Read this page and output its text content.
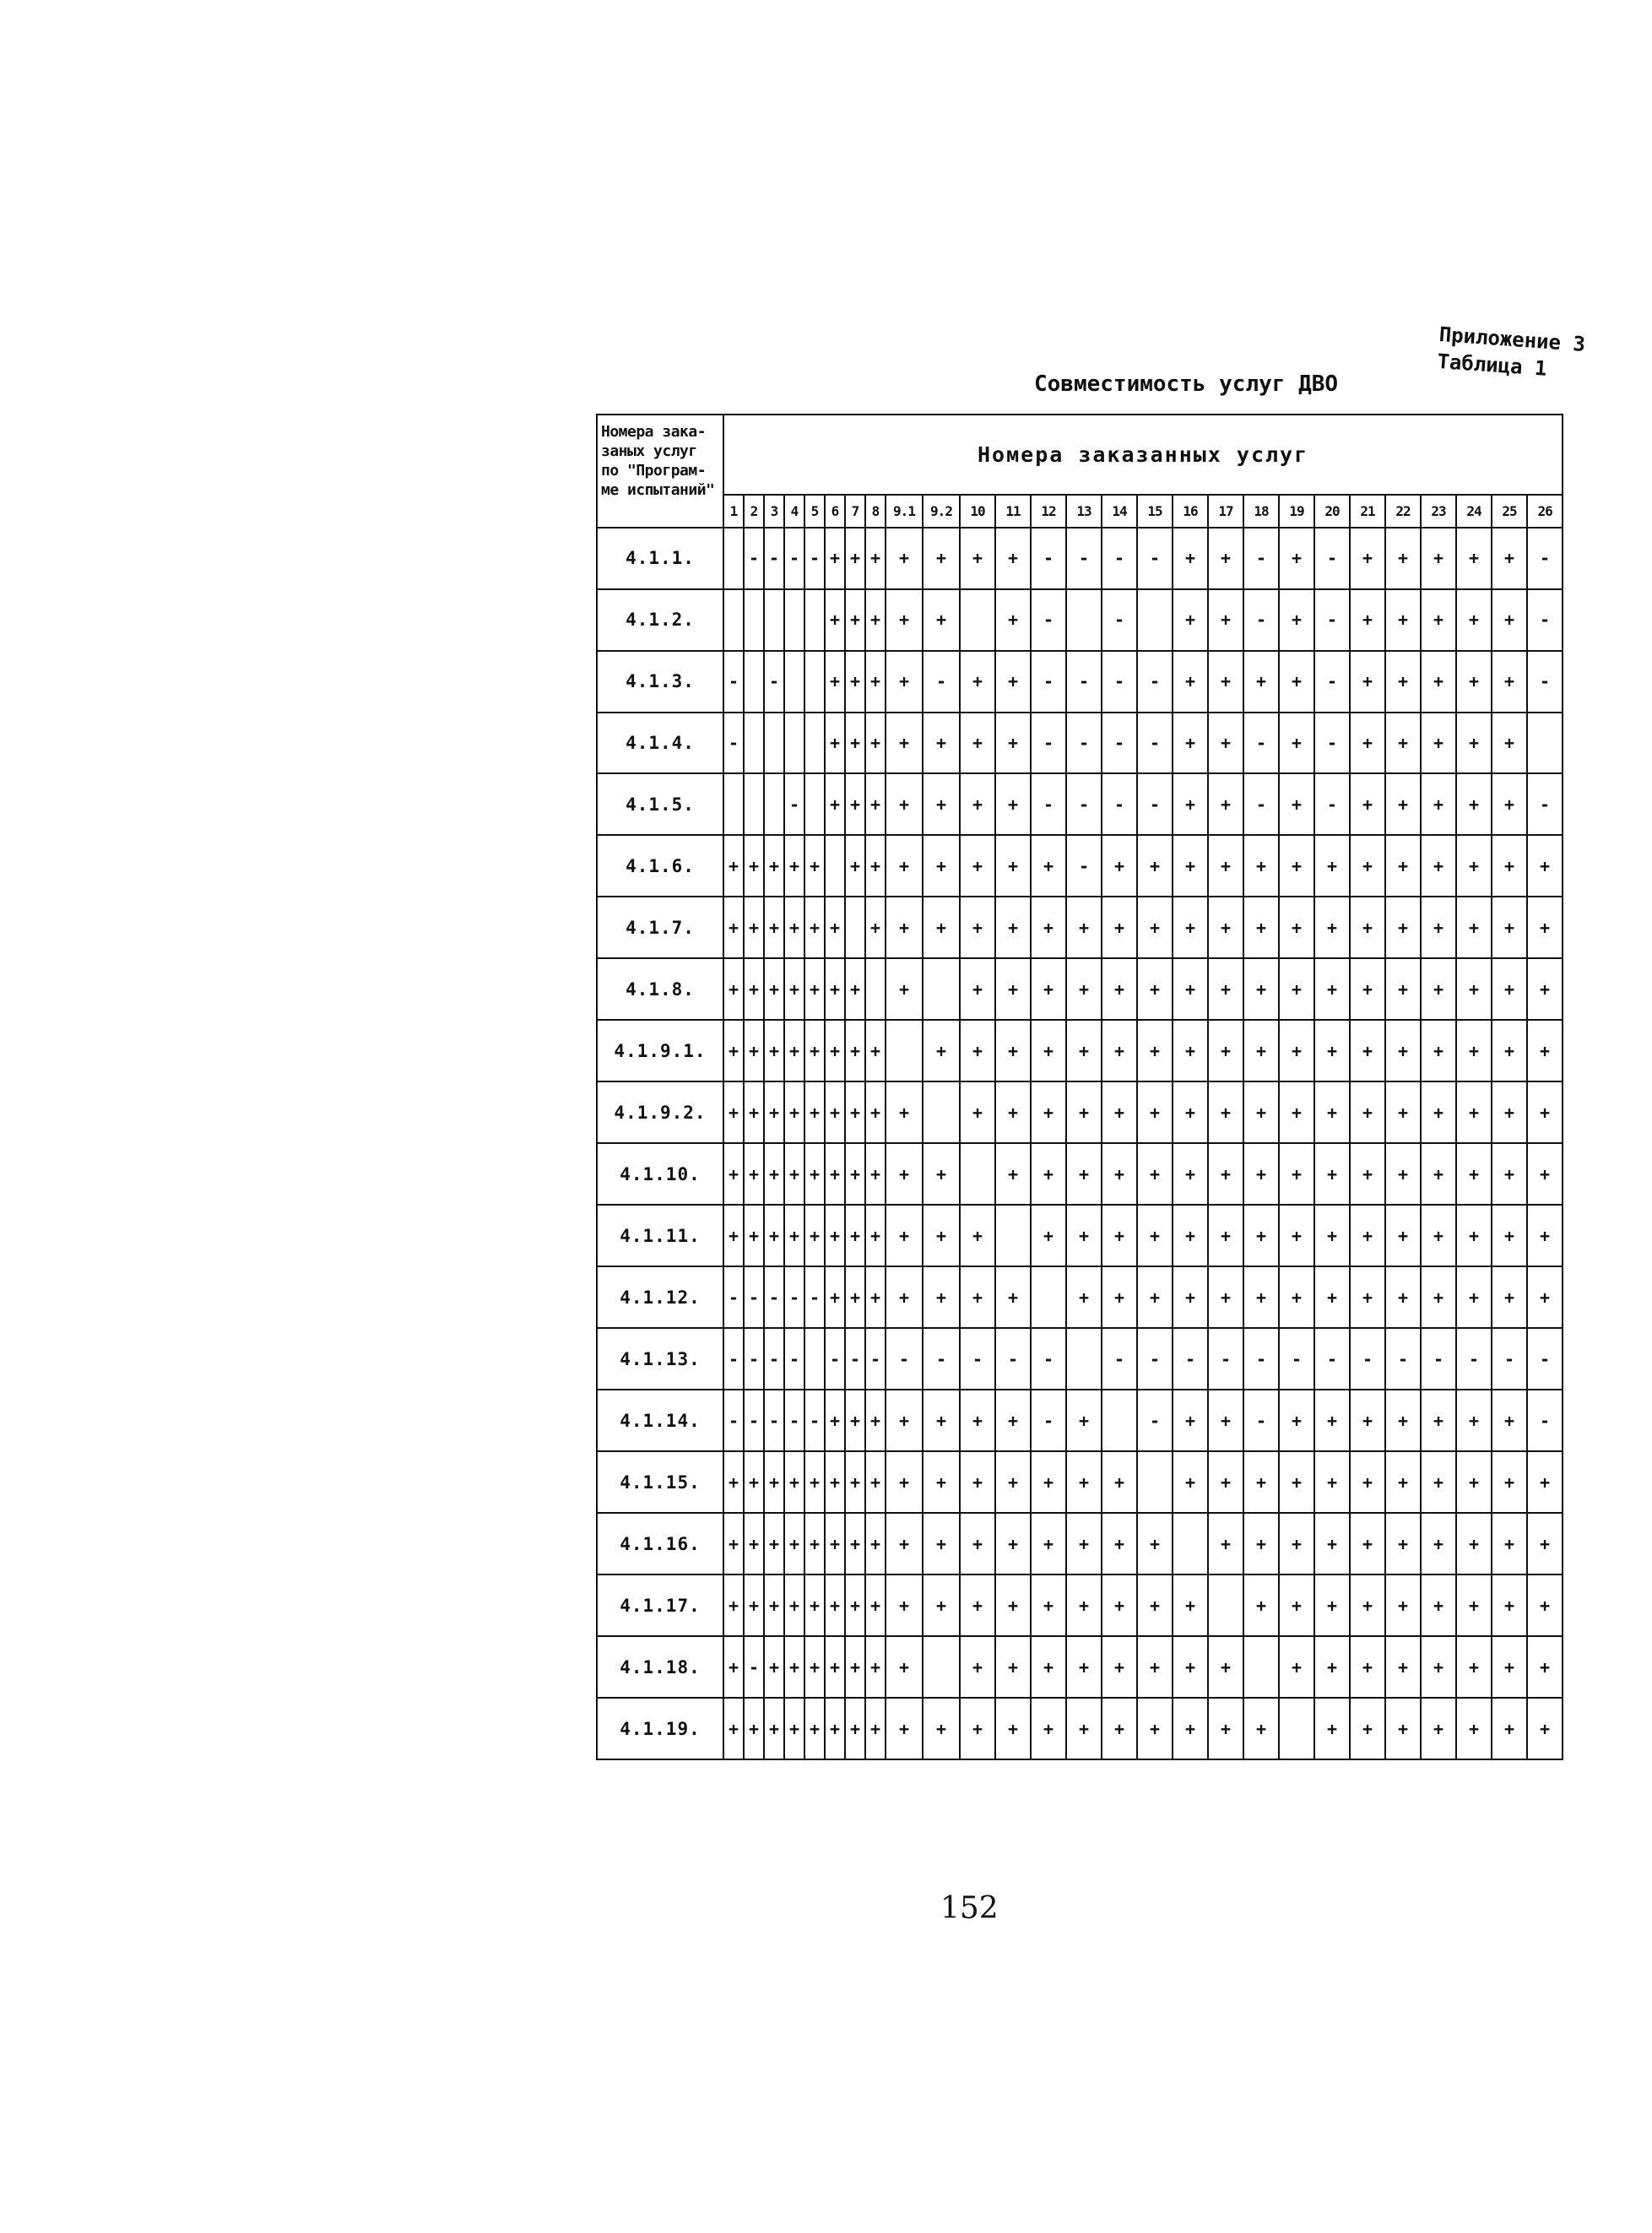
Приложение 3
Таблица 1
Совместимость услуг ДВО
Номера зака-заных услуг по "Програм-ме испытаний"	Номера заказанных услуг																										
	1	2	3	4	5	6	7	8	9.1	9.2	10	11	12	13	14	15	16	17	18	19	20	21	22	23	24	25	26
4.1.1.		-	-	-	-	+	+	+	+	+	+	+	-	-	-	-	+	+	-	+	-	+	+	+	+	+	-
4.1.2.						+	+	+	+	+		+	-		-		+	+	-	+	-	+	+	+	+	+	-
4.1.3.	-		-			+	+	+	+	-	+	+	-	-	-	-	+	+	+	+	-	+	+	+	+	+	-
4.1.4.	-					+	+	+	+	+	+	+	-	-	-	-	+	+	-	+	-	+	+	+	+	+	
4.1.5.				-		+	+	+	+	+	+	+	-	-	-	-	+	+	-	+	-	+	+	+	+	+	-
4.1.6.	+	+	+	+	+		+	+	+	+	+	+	+	-	+	+	+	+	+	+	+	+	+	+	+	+	+
4.1.7.	+	+	+	+	+	+		+	+	+	+	+	+	+	+	+	+	+	+	+	+	+	+	+	+	+	+
4.1.8.	+	+	+	+	+	+	+		+		+	+	+	+	+	+	+	+	+	+	+	+	+	+	+	+	+
4.1.9.1.	+	+	+	+	+	+	+	+		+	+	+	+	+	+	+	+	+	+	+	+	+	+	+	+	+	+
4.1.9.2.	+	+	+	+	+	+	+	+	+		+	+	+	+	+	+	+	+	+	+	+	+	+	+	+	+	+
4.1.10.	+	+	+	+	+	+	+	+	+	+		+	+	+	+	+	+	+	+	+	+	+	+	+	+	+	+
4.1.11.	+	+	+	+	+	+	+	+	+	+	+		+	+	+	+	+	+	+	+	+	+	+	+	+	+	+
4.1.12.	-	-	-	-	-	+	+	+	+	+	+	+		+	+	+	+	+	+	+	+	+	+	+	+	+	+
4.1.13.	-	-	-	-		-	-	-	-	-	-	-	-		-	-	-	-	-	-	-	-	-	-	-	-	-
4.1.14.	-	-	-	-	-	+	+	+	+	+	+	+	-	+		-	+	+	-	+	+	+	+	+	+	+	-
4.1.15.	+	+	+	+	+	+	+	+	+	+	+	+	+	+	+		+	+	+	+	+	+	+	+	+	+	+
4.1.16.	+	+	+	+	+	+	+	+	+	+	+	+	+	+	+	+		+	+	+	+	+	+	+	+	+	+
4.1.17.	+	+	+	+	+	+	+	+	+	+	+	+	+	+	+	+	+		+	+	+	+	+	+	+	+	+
4.1.18.	+	-	+	+	+	+	+	+	+		+	+	+	+	+	+	+	+		+	+	+	+	+	+	+	+
4.1.19.	+	+	+	+	+	+	+	+	+	+	+	+	+	+	+	+	+	+	+		+	+	+	+	+	+	+
152
